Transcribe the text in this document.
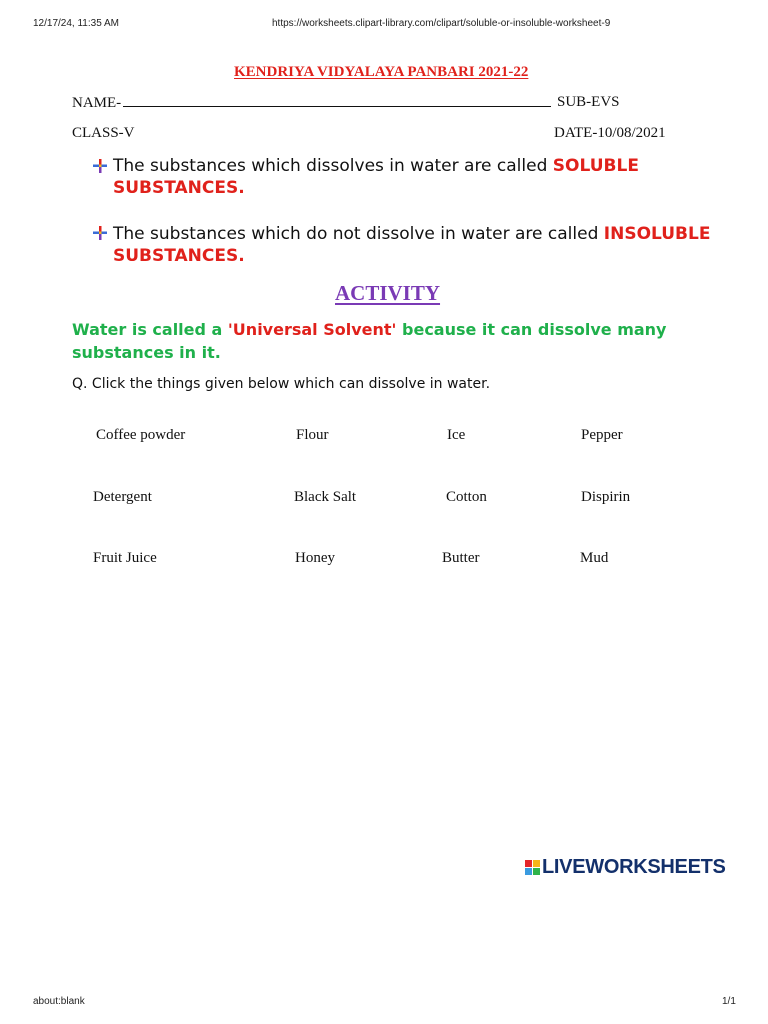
12/17/24, 11:35 AM	https://worksheets.clipart-library.com/clipart/soluble-or-insoluble-worksheet-9
KENDRIYA VIDYALAYA PANBARI 2021-22
NAME-	SUB-EVS
CLASS-V	DATE-10/08/2021
The substances which dissolves in water are called SOLUBLE
SUBSTANCES.
The substances which do not dissolve in water are called INSOLUBLE
SUBSTANCES.
ACTIVITY
Water is called a 'Universal Solvent' because it can dissolve many
substances in it.
Q. Click the things given below which can dissolve in water.
Coffee powder	Flour	Ice	Pepper
Detergent	Black Salt	Cotton	Dispirin
Fruit Juice	Honey	Butter	Mud
LIVEWORKSHEETS
about:blank	1/1
